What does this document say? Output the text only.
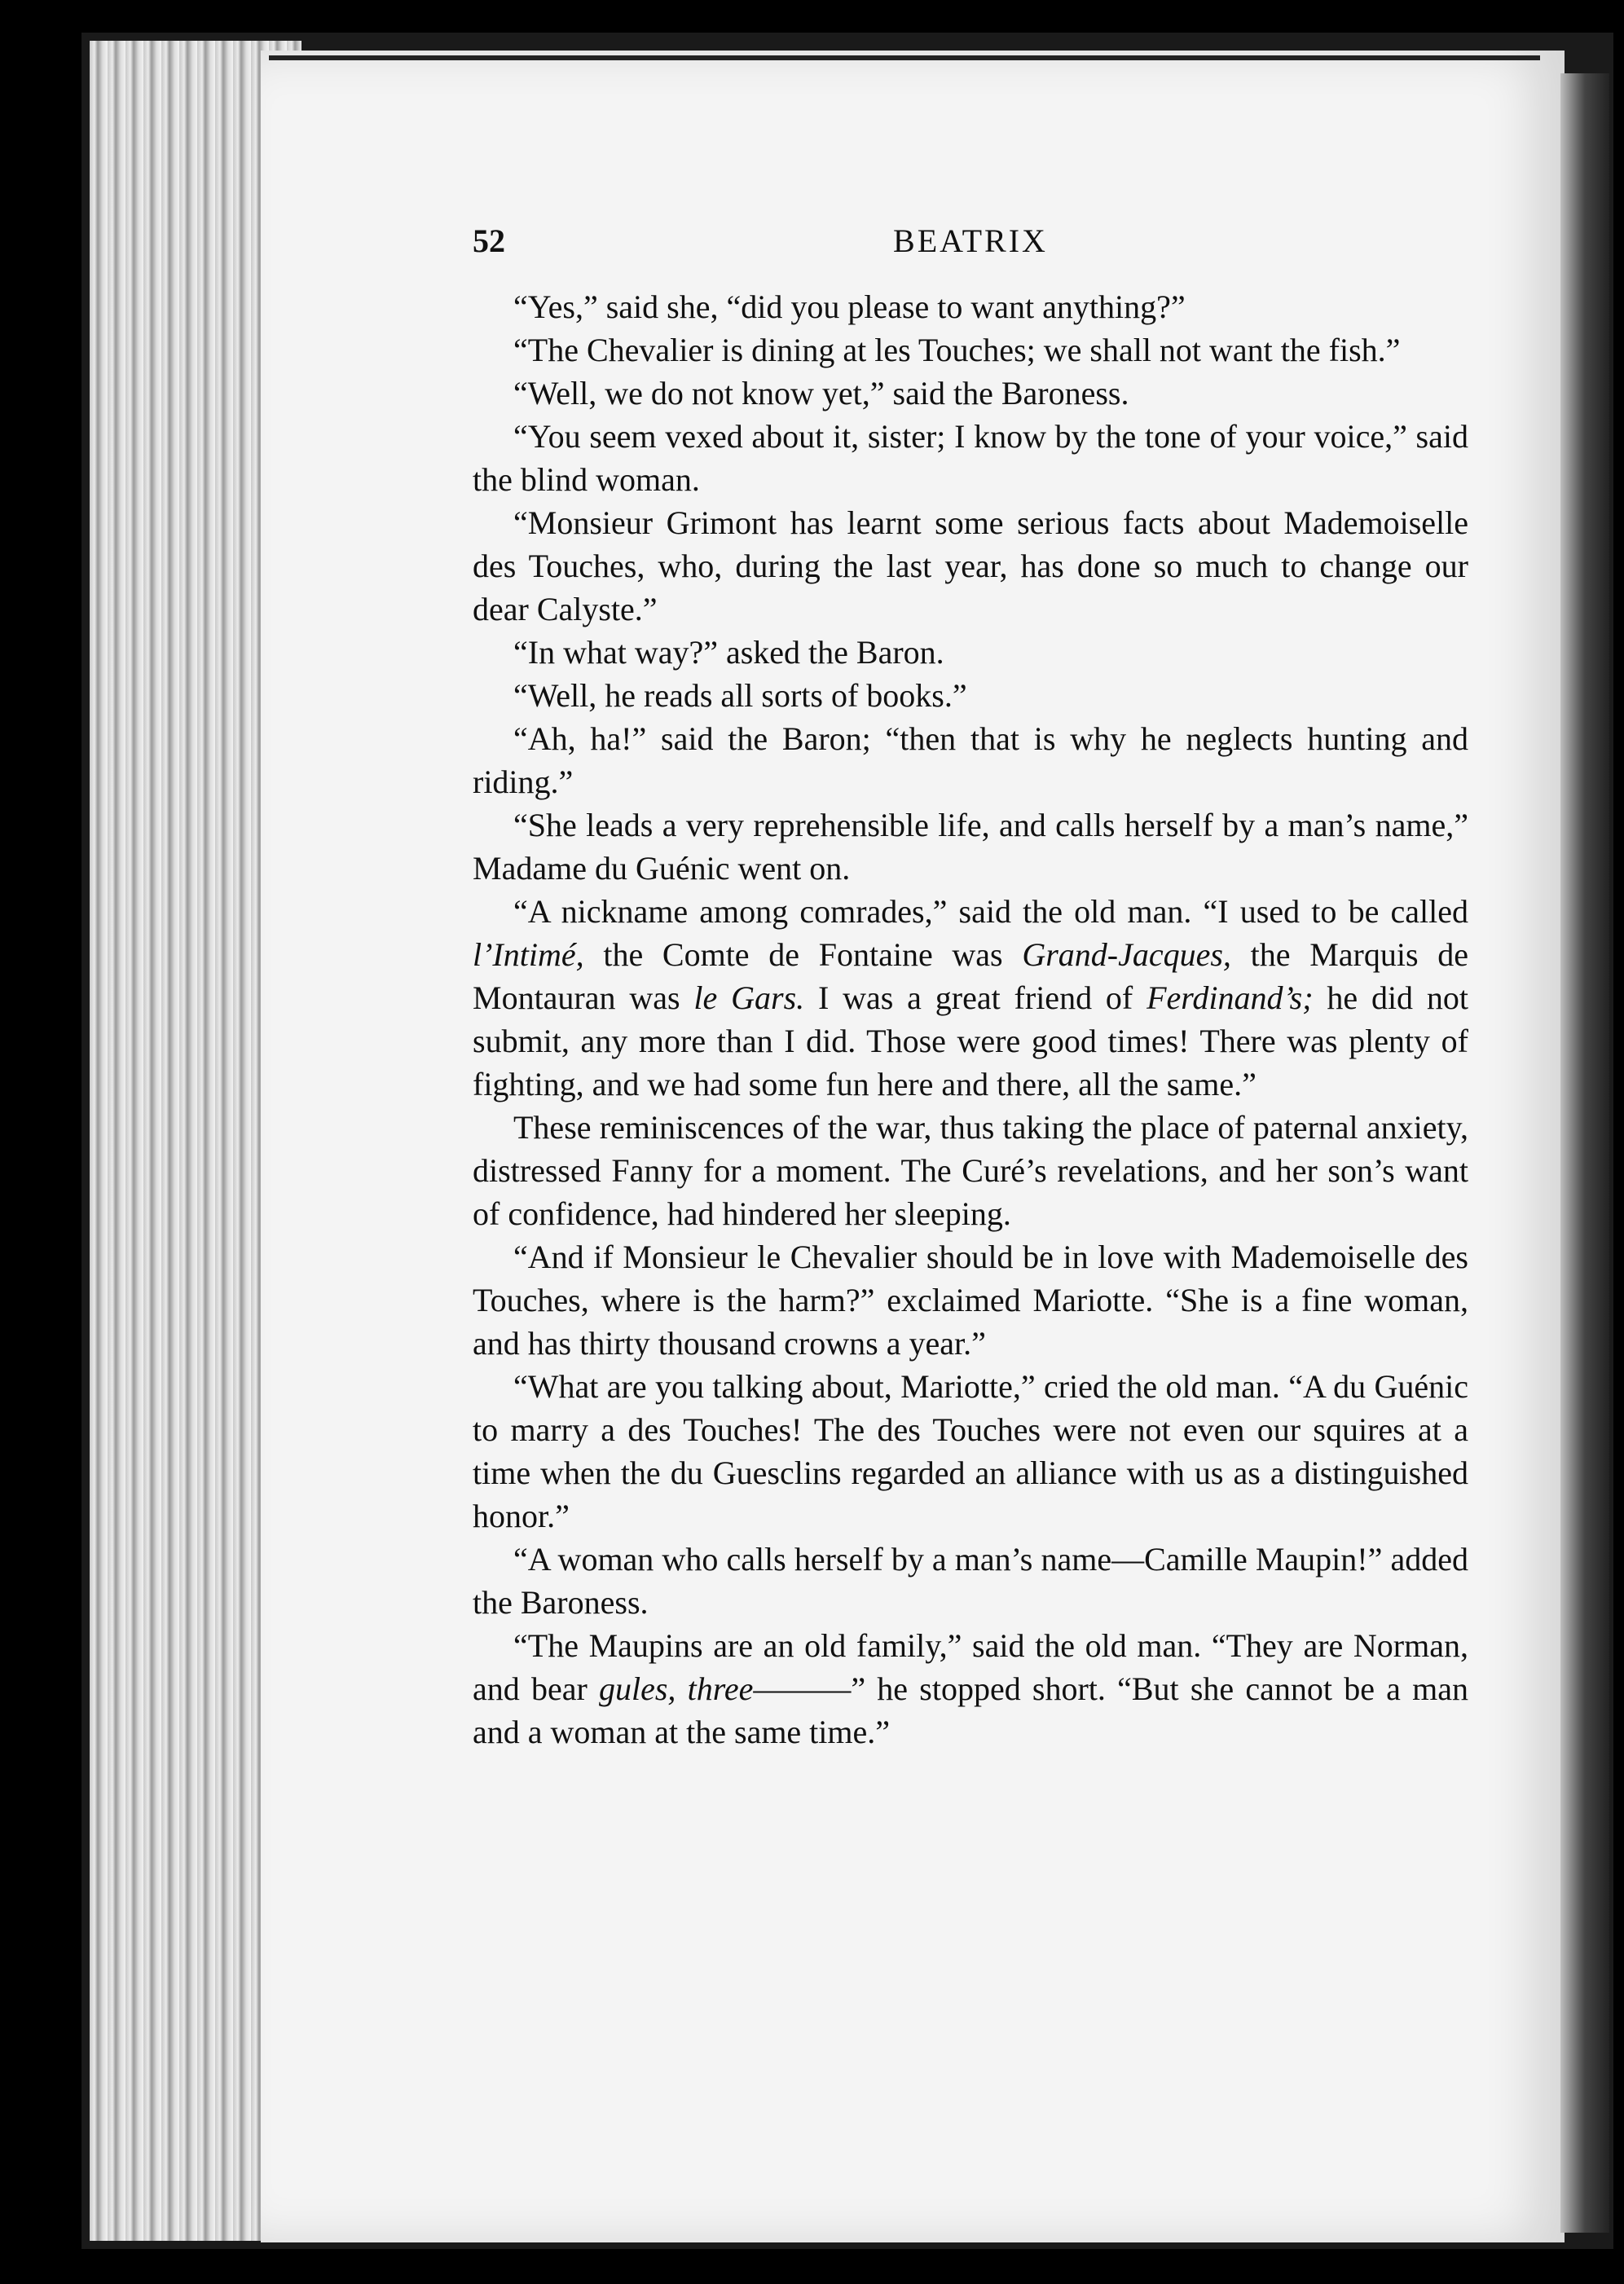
52	BEATRIX

“Yes,” said she, “did you please to want anything?”

“The Chevalier is dining at les Touches; we shall not want the fish.”

“Well, we do not know yet,” said the Baroness.

“You seem vexed about it, sister; I know by the tone of your voice,” said the blind woman.

“Monsieur Grimont has learnt some serious facts about Mademoiselle des Touches, who, during the last year, has done so much to change our dear Calyste.”

“In what way?” asked the Baron.

“Well, he reads all sorts of books.”

“Ah, ha!” said the Baron; “then that is why he neglects hunting and riding.”

“She leads a very reprehensible life, and calls herself by a man’s name,” Madame du Guénic went on.

“A nickname among comrades,” said the old man. “I used to be called l’Intimé, the Comte de Fontaine was Grand-Jacques, the Marquis de Montauran was le Gars. I was a great friend of Ferdinand’s; he did not submit, any more than I did. Those were good times! There was plenty of fighting, and we had some fun here and there, all the same.”

These reminiscences of the war, thus taking the place of paternal anxiety, distressed Fanny for a moment. The Curé’s revelations, and her son’s want of confidence, had hindered her sleeping.

“And if Monsieur le Chevalier should be in love with Mademoiselle des Touches, where is the harm?” exclaimed Mariotte. “She is a fine woman, and has thirty thousand crowns a year.”

“What are you talking about, Mariotte,” cried the old man. “A du Guénic to marry a des Touches! The des Touches were not even our squires at a time when the du Guesclins regarded an alliance with us as a distinguished honor.”

“A woman who calls herself by a man’s name—Camille Maupin!” added the Baroness.

“The Maupins are an old family,” said the old man. “They are Norman, and bear gules, three———” he stopped short. “But she cannot be a man and a woman at the same time.”
